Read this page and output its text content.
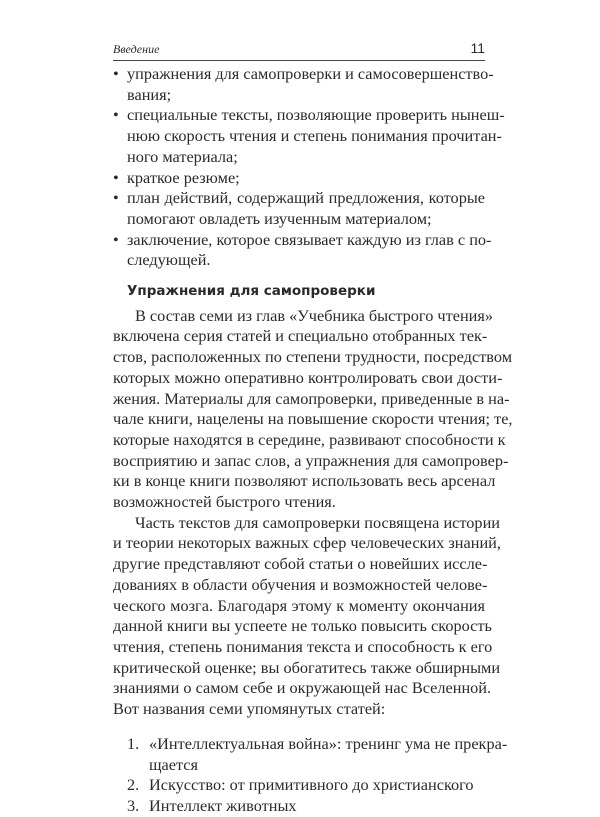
Введение	11
• упражнения для самопроверки и самосовершенство-
вания;
• специальные тексты, позволяющие проверить нынеш-
нюю скорость чтения и степень понимания прочитан-
ного материала;
• краткое резюме;
• план действий, содержащий предложения, которые
помогают овладеть изученным материалом;
• заключение, которое связывает каждую из глав с по-
следующей.
Упражнения для самопроверки
В состав семи из глав «Учебника быстрого чтения»
включена серия статей и специально отобранных тек-
стов, расположенных по степени трудности, посредством
которых можно оперативно контролировать свои дости-
жения. Материалы для самопроверки, приведенные в на-
чале книги, нацелены на повышение скорости чтения; те,
которые находятся в середине, развивают способности к
восприятию и запас слов, а упражнения для самопровер-
ки в конце книги позволяют использовать весь арсенал
возможностей быстрого чтения.
Часть текстов для самопроверки посвящена истории
и теории некоторых важных сфер человеческих знаний,
другие представляют собой статьи о новейших иссле-
дованиях в области обучения и возможностей челове-
ческого мозга. Благодаря этому к моменту окончания
данной книги вы успеете не только повысить скорость
чтения, степень понимания текста и способность к его
критической оценке; вы обогатитесь также обширными
знаниями о самом себе и окружающей нас Вселенной.
Вот названия семи упомянутых статей:
1. «Интеллектуальная война»: тренинг ума не прекра-
щается
2. Искусство: от примитивного до христианского
3. Интеллект животных
